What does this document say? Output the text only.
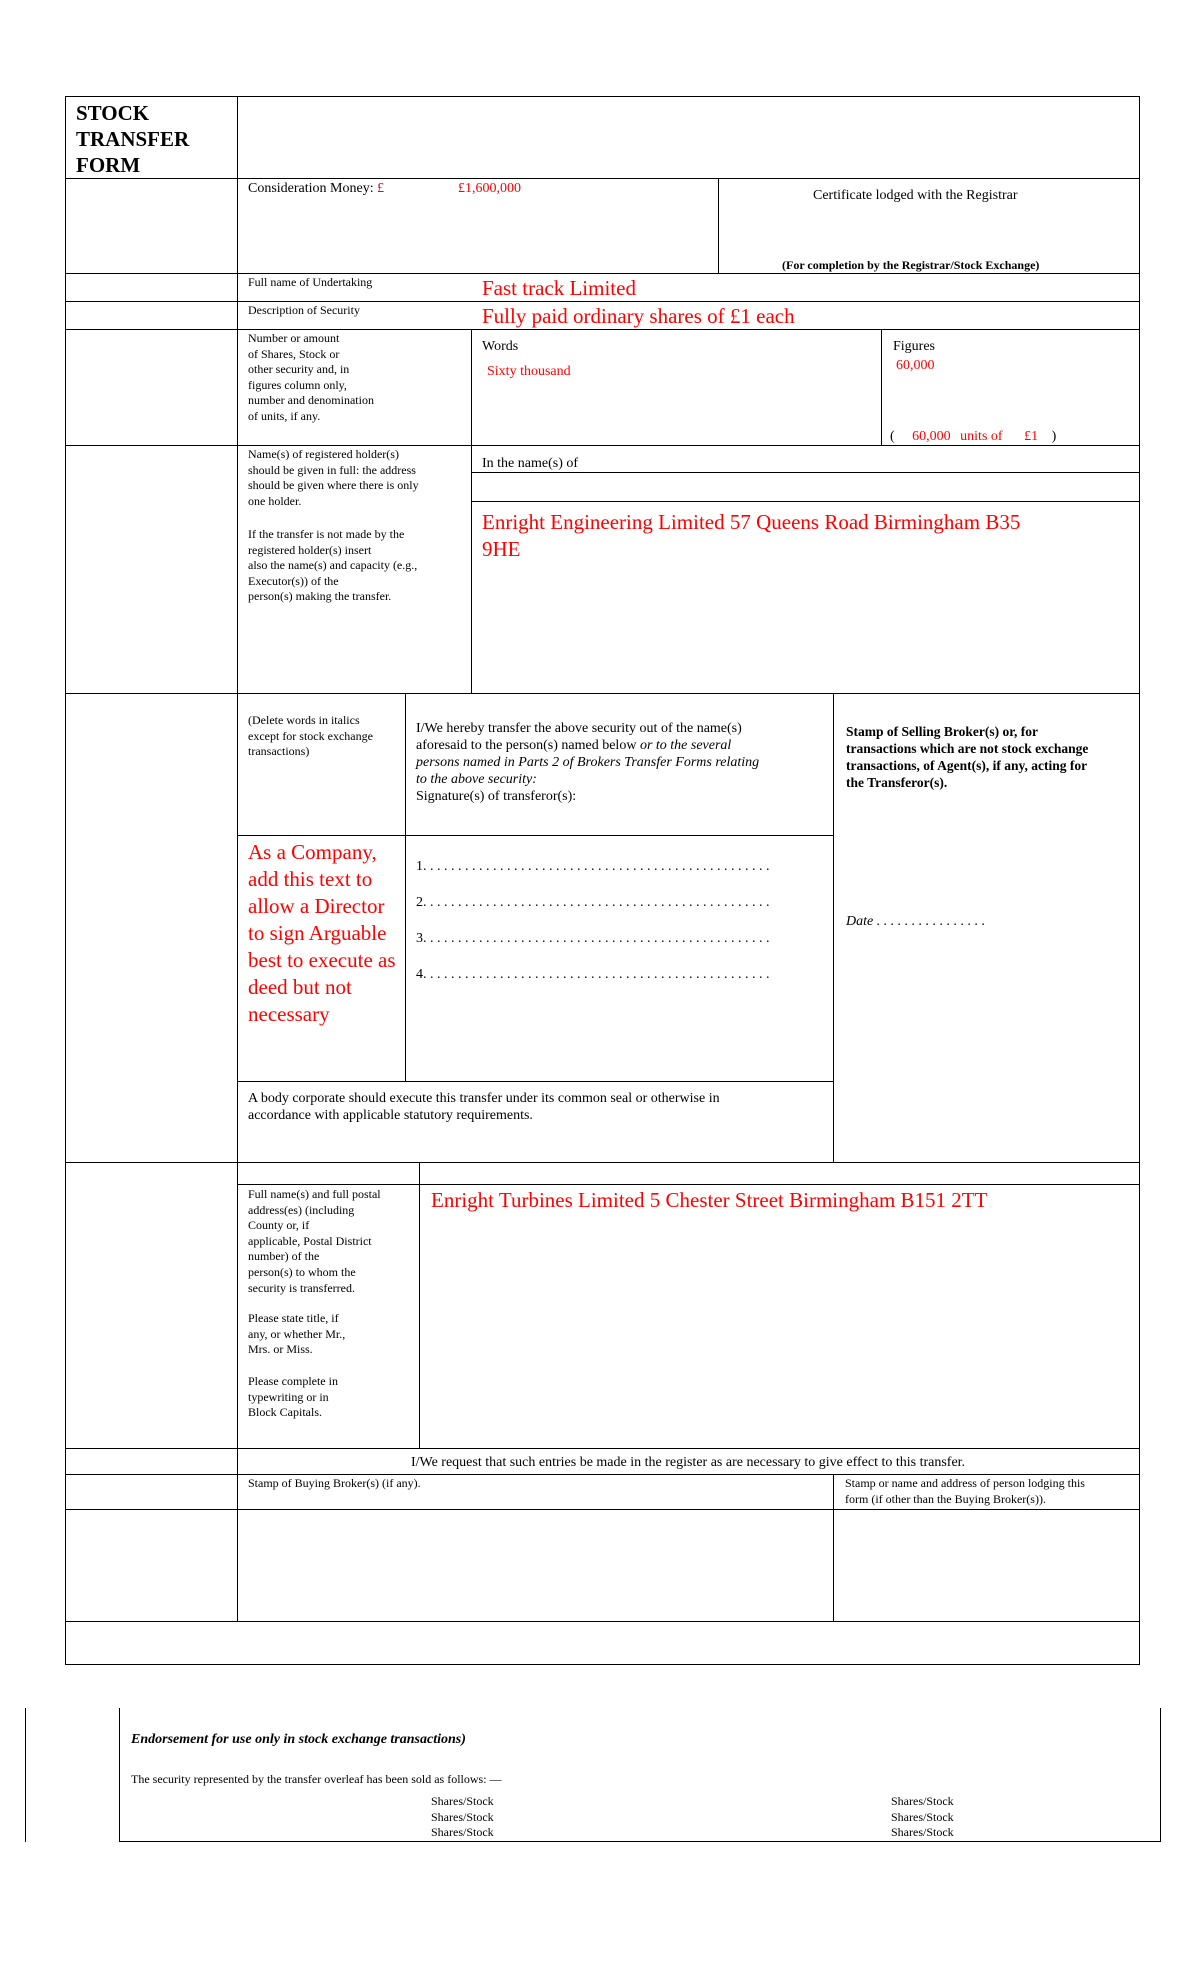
STOCK
TRANSFER
FORM
Consideration Money: £	£1,600,000	Certificate lodged with the Registrar
(For completion by the Registrar/Stock Exchange)
Full name of Undertaking	Fast track Limited
Description of Security	Fully paid ordinary shares of £1 each
Number or amount
of Shares, Stock or
other security and, in
figures column only,
number and denomination
of units, if any.
Words
Sixty thousand
Figures
60,000
( 60,000 units of £1 )
Name(s) of registered holder(s)
should be given in full: the address
should be given where there is only
one holder.
If the transfer is not made by the
registered holder(s) insert
also the name(s) and capacity (e.g.,
Executor(s)) of the
person(s) making the transfer.
In the name(s) of
Enright Engineering Limited 57 Queens Road Birmingham B35
9HE
(Delete words in italics
except for stock exchange
transactions)
I/We hereby transfer the above security out of the name(s)
aforesaid to the person(s) named below or to the several
persons named in Parts 2 of Brokers Transfer Forms relating
to the above security:
Signature(s) of transferor(s):
As a Company, add this text to allow a Director to sign Arguable best to execute as deed but not necessary
1. . . . . . . . . . . . . . . . . . . . . . . . . . . . . . . . . . . . . . . . . . . . . . . . . .
2. . . . . . . . . . . . . . . . . . . . . . . . . . . . . . . . . . . . . . . . . . . . . . . . . .
3. . . . . . . . . . . . . . . . . . . . . . . . . . . . . . . . . . . . . . . . . . . . . . . . . .
4. . . . . . . . . . . . . . . . . . . . . . . . . . . . . . . . . . . . . . . . . . . . . . . . . .
A body corporate should execute this transfer under its common seal or otherwise in
accordance with applicable statutory requirements.
Stamp of Selling Broker(s) or, for
transactions which are not stock exchange
transactions, of Agent(s), if any, acting for
the Transferor(s).
Date . . . . . . . . . . . . . . . .
Full name(s) and full postal
address(es) (including
County or, if
applicable, Postal District
number) of the
person(s) to whom the
security is transferred.
Please state title, if
any, or whether Mr.,
Mrs. or Miss.
Please complete in
typewriting or in
Block Capitals.
Enright Turbines Limited 5 Chester Street Birmingham B151 2TT
I/We request that such entries be made in the register as are necessary to give effect to this transfer.
Stamp of Buying Broker(s) (if any).	Stamp or name and address of person lodging this
form (if other than the Buying Broker(s)).
Endorsement for use only in stock exchange transactions)
The security represented by the transfer overleaf has been sold as follows: —
Shares/Stock
Shares/Stock
Shares/Stock
Shares/Stock
Shares/Stock
Shares/Stock
